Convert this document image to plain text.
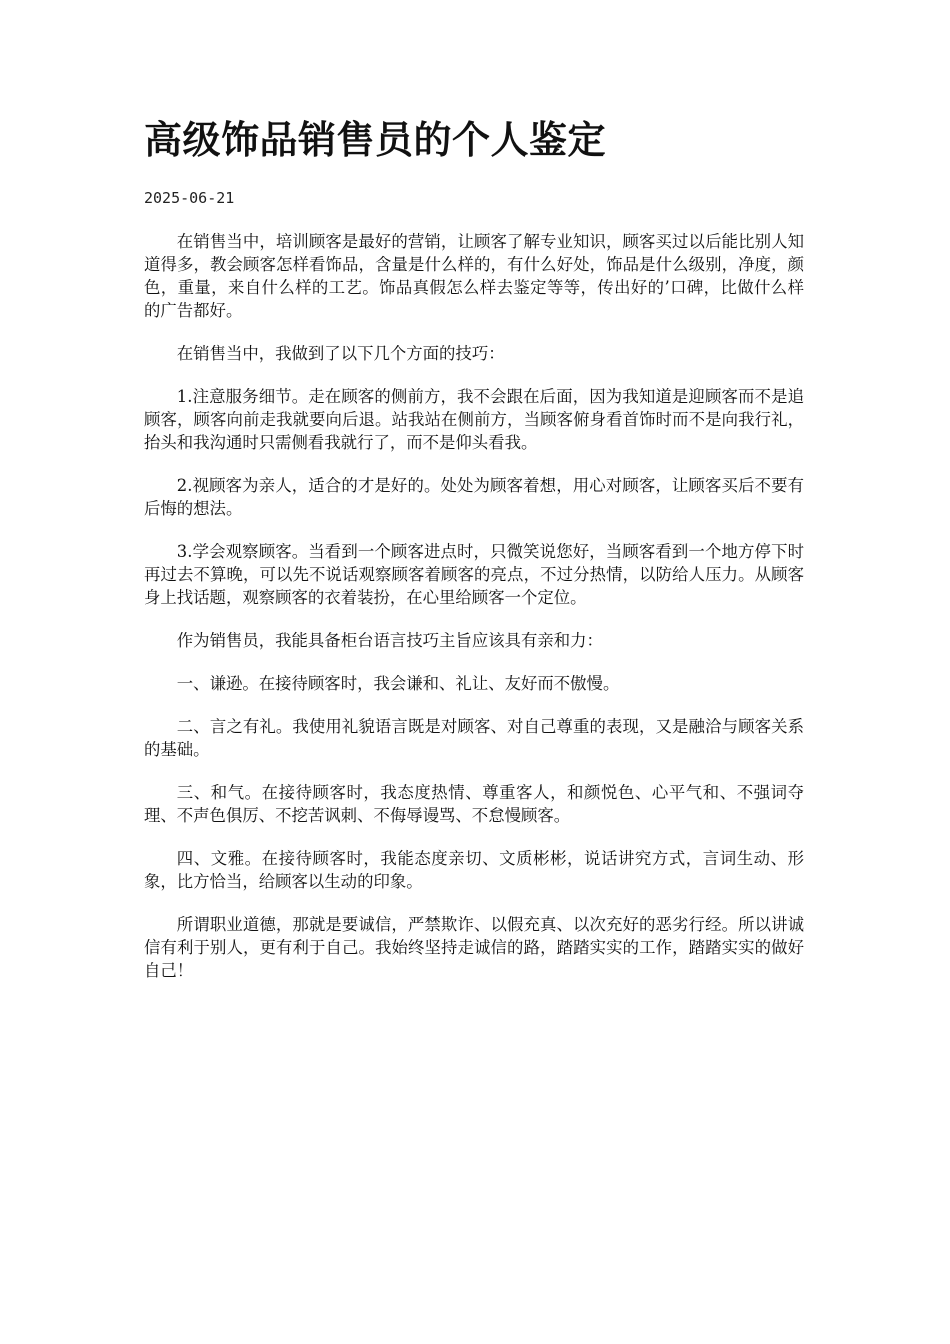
高级饰品销售员的个人鉴定
2025-06-21

在销售当中，培训顾客是最好的营销，让顾客了解专业知识，顾客买过以后能比别人知道得多，教会顾客怎样看饰品，含量是什么样的，有什么好处，饰品是什么级别，净度，颜色，重量，来自什么样的工艺。饰品真假怎么样去鉴定等等，传出好的’口碑，比做什么样的广告都好。

在销售当中，我做到了以下几个方面的技巧：

1.注意服务细节。走在顾客的侧前方，我不会跟在后面，因为我知道是迎顾客而不是追顾客，顾客向前走我就要向后退。站我站在侧前方，当顾客俯身看首饰时而不是向我行礼，抬头和我沟通时只需侧看我就行了，而不是仰头看我。

2.视顾客为亲人，适合的才是好的。处处为顾客着想，用心对顾客，让顾客买后不要有后悔的想法。

3.学会观察顾客。当看到一个顾客进点时，只微笑说您好，当顾客看到一个地方停下时再过去不算晚，可以先不说话观察顾客着顾客的亮点，不过分热情，以防给人压力。从顾客身上找话题，观察顾客的衣着装扮，在心里给顾客一个定位。

作为销售员，我能具备柜台语言技巧主旨应该具有亲和力：

一、谦逊。在接待顾客时，我会谦和、礼让、友好而不傲慢。

二、言之有礼。我使用礼貌语言既是对顾客、对自己尊重的表现，又是融洽与顾客关系的基础。

三、和气。在接待顾客时，我态度热情、尊重客人，和颜悦色、心平气和、不强词夺理、不声色俱厉、不挖苦讽刺、不侮辱谩骂、不怠慢顾客。

四、文雅。在接待顾客时，我能态度亲切、文质彬彬，说话讲究方式，言词生动、形象，比方恰当，给顾客以生动的印象。

所谓职业道德，那就是要诚信，严禁欺诈、以假充真、以次充好的恶劣行经。所以讲诚信有利于别人，更有利于自己。我始终坚持走诚信的路，踏踏实实的工作，踏踏实实的做好自己！
